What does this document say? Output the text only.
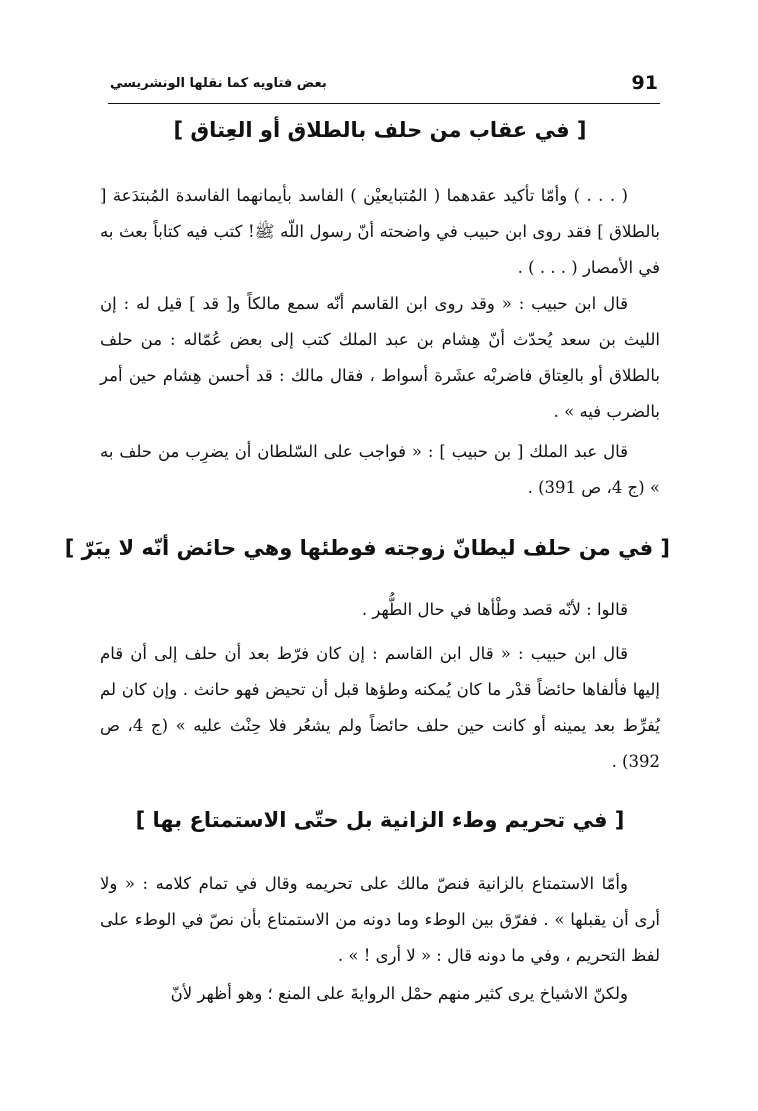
بعض فتاويه كما نقلها الونشريسي	91
[ في عقاب من حلف بالطلاق أو العِتاق ]
( . . . ) وأمّا تأكيد عقدهما ( المُتبايعيْن ) الفاسد بأيمانهما الفاسدة المُبتدَعة [ بالطلاق ] فقد روى ابن حبيب في واضحته أنّ رسول اللّه ﷺ! كتب فيه كتاباً بعث به في الأمصار ( . . . ) .
قال ابن حبيب : « وقد روى ابن القاسم أنّه سمع مالكاً و[ قد ] قيل له : إن الليث بن سعد يُحدّث أنّ هِشام بن عبد الملك كتب إلى بعض عُمّاله : من حلف بالطلاق أو بالعِتاق فاضربْه عشَرة أسواط ، فقال مالك : قد أحسن هِشام حين أمر بالضرب فيه » .
قال عبد الملك [ بن حبيب ] : « فواجب على السّلطان أن يضرِب من حلف به » (ج 4، ص 391) .
[ في من حلف ليطانّ زوجته فوطئها وهي حائض أنّه لا يبَرّ ]
قالوا : لأنّه قصد وطْأها في حال الطُّهر .
قال ابن حبيب : « قال ابن القاسم : إن كان فرّط بعد أن حلف إلى أن قام إليها فألفاها حائضاً قدْر ما كان يُمكنه وطؤها قبل أن تحيض فهو حانث . وإن كان لم يُفرِّط بعد يمينه أو كانت حين حلف حائضاً ولم يشعُر فلا حِنْث عليه » (ج 4، ص 392) .
[ في تحريم وطء الزانية بل حتّى الاستمتاع بها ]
وأمّا الاستمتاع بالزانية فنصّ مالك على تحريمه وقال في تمام كلامه : « ولا أرى أن يقبلها » . ففرّق بين الوطء وما دونه من الاستمتاع بأن نصّ في الوطء على لفظ التحريم ، وفي ما دونه قال : « لا أرى ! » .
ولكنّ الاشياخ يرى كثير منهم حمْل الروايةَ على المنع ؛ وهو أظهر لأنّ
